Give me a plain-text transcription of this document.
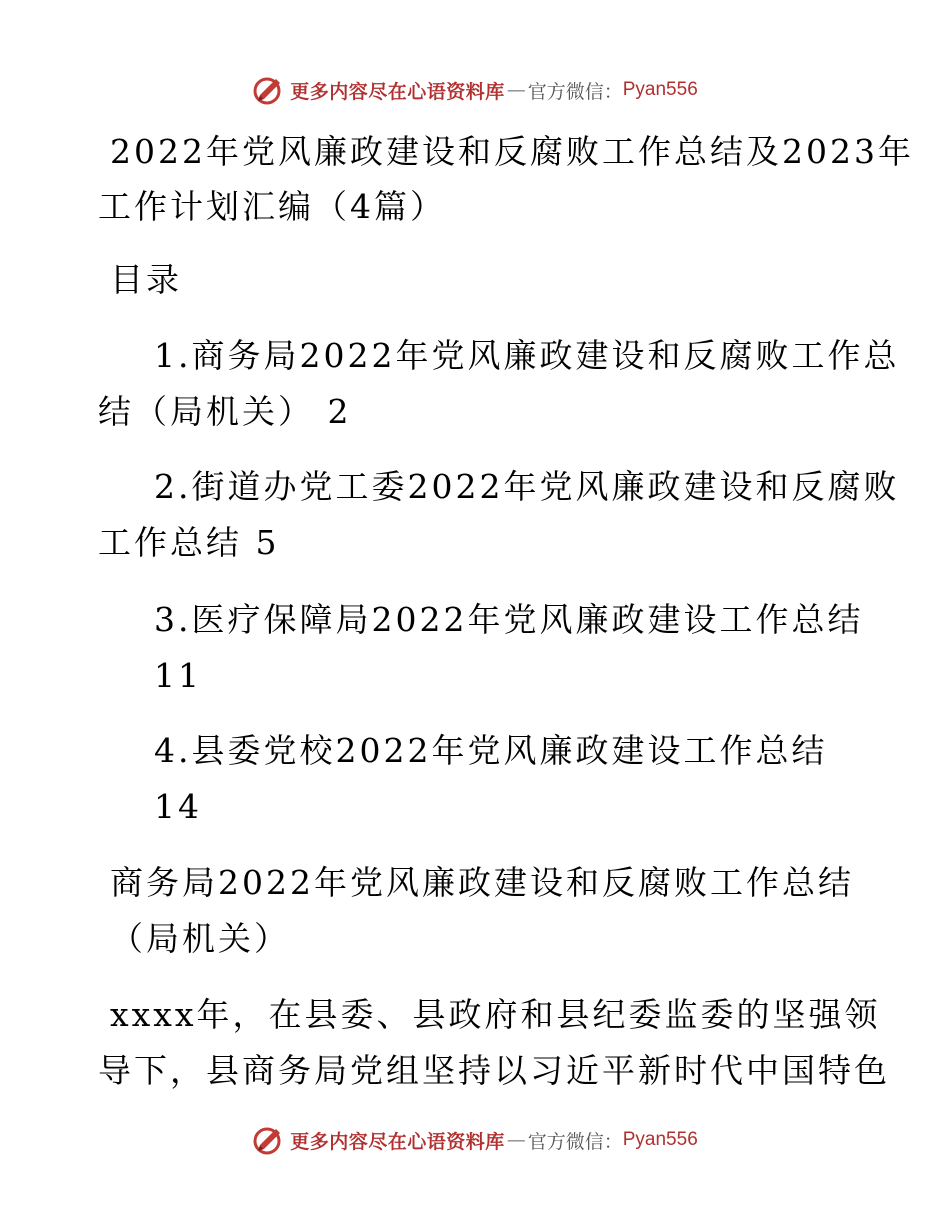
更多内容尽在心语资料库 — 官方微信： Pyan556
2022年党风廉政建设和反腐败工作总结及2023年
工作计划汇编（4篇）
目录
1.商务局2022年党风廉政建设和反腐败工作总
结（局机关） 2
2.街道办党工委2022年党风廉政建设和反腐败
工作总结 5
3.医疗保障局2022年党风廉政建设工作总结
11
4.县委党校2022年党风廉政建设工作总结
14
商务局2022年党风廉政建设和反腐败工作总结
（局机关）
xxxx年，在县委、县政府和县纪委监委的坚强领
导下，县商务局党组坚持以习近平新时代中国特色
更多内容尽在心语资料库 — 官方微信： Pyan556
